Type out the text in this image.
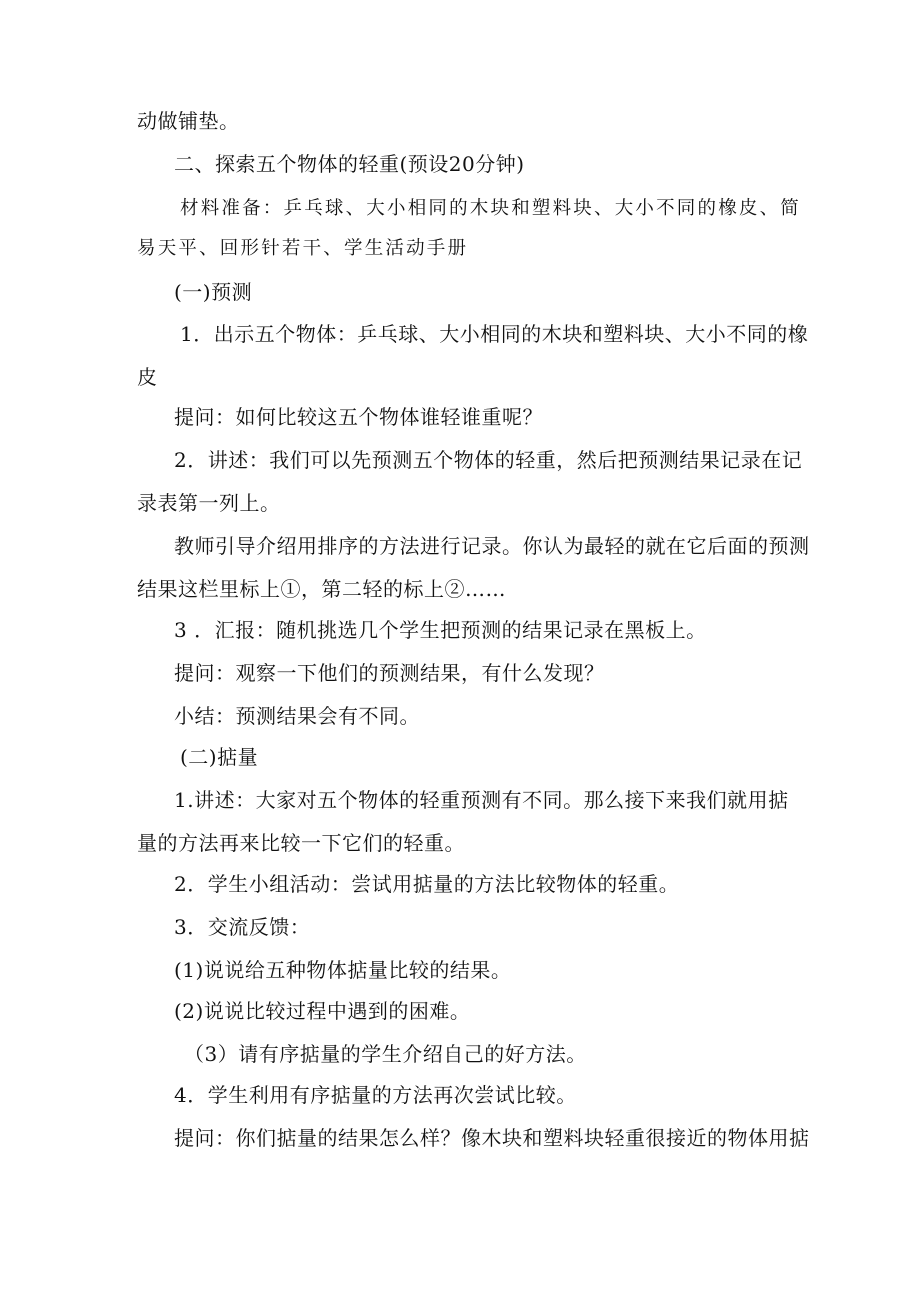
动做铺垫。
二、探索五个物体的轻重(预设20分钟)
材料准备：乒乓球、大小相同的木块和塑料块、大小不同的橡皮、简
易天平、回形针若干、学生活动手册
(一)预测
1．出示五个物体：乒乓球、大小相同的木块和塑料块、大小不同的橡
皮
提问：如何比较这五个物体谁轻谁重呢？
2．讲述：我们可以先预测五个物体的轻重，然后把预测结果记录在记
录表第一列上。
教师引导介绍用排序的方法进行记录。你认为最轻的就在它后面的预测
结果这栏里标上①，第二轻的标上②……
3 ．汇报：随机挑选几个学生把预测的结果记录在黑板上。
提问：观察一下他们的预测结果，有什么发现？
小结：预测结果会有不同。
(二)掂量
1.讲述：大家对五个物体的轻重预测有不同。那么接下来我们就用掂
量的方法再来比较一下它们的轻重。
2．学生小组活动：尝试用掂量的方法比较物体的轻重。
3．交流反馈：
(1)说说给五种物体掂量比较的结果。
(2)说说比较过程中遇到的困难。
（3）请有序掂量的学生介绍自己的好方法。
4．学生利用有序掂量的方法再次尝试比较。
提问：你们掂量的结果怎么样？像木块和塑料块轻重很接近的物体用掂
